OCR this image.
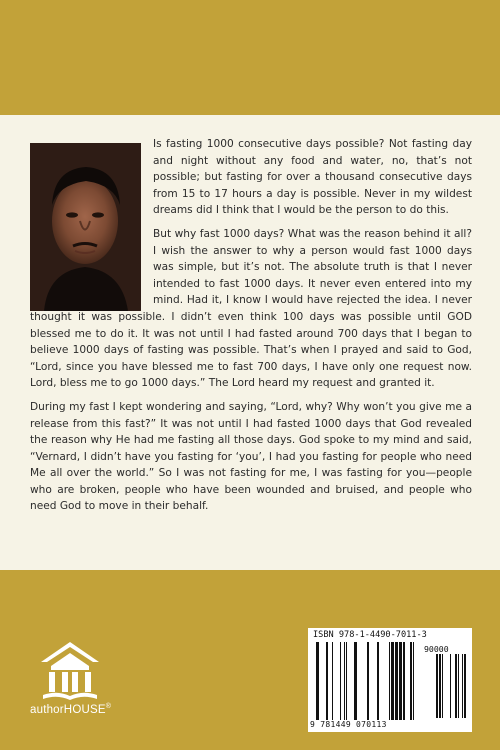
Is fasting 1000 consecutive days possible? Not fasting day and night without any food and water, no, that’s not possible; but fasting for over a thousand consecutive days from 15 to 17 hours a day is possible. Never in my wildest dreams did I think that I would be the person to do this.

But why fast 1000 days? What was the reason behind it all? I wish the answer to why a person would fast 1000 days was simple, but it’s not. The absolute truth is that I never intended to fast 1000 days. It never even entered into my mind. Had it, I know I would have rejected the idea. I never thought it was possible. I didn’t even think 100 days was possible until GOD blessed me to do it. It was not until I had fasted around 700 days that I began to believe 1000 days of fasting was possible. That’s when I prayed and said to God, “Lord, since you have blessed me to fast 700 days, I have only one request now. Lord, bless me to go 1000 days.” The Lord heard my request and granted it.

During my fast I kept wondering and saying, “Lord, why? Why won’t you give me a release from this fast?” It was not until I had fasted 1000 days that God revealed the reason why He had me fasting all those days. God spoke to my mind and said, “Vernard, I didn’t have you fasting for ‘you’, I had you fasting for people who need Me all over the world.” So I was not fasting for me, I was fasting for you—people who are broken, people who have been wounded and bruised, and people who need God to move in their behalf.

authorHOUSE®
ISBN 978-1-4490-7011-3
90000
9 781449 070113
